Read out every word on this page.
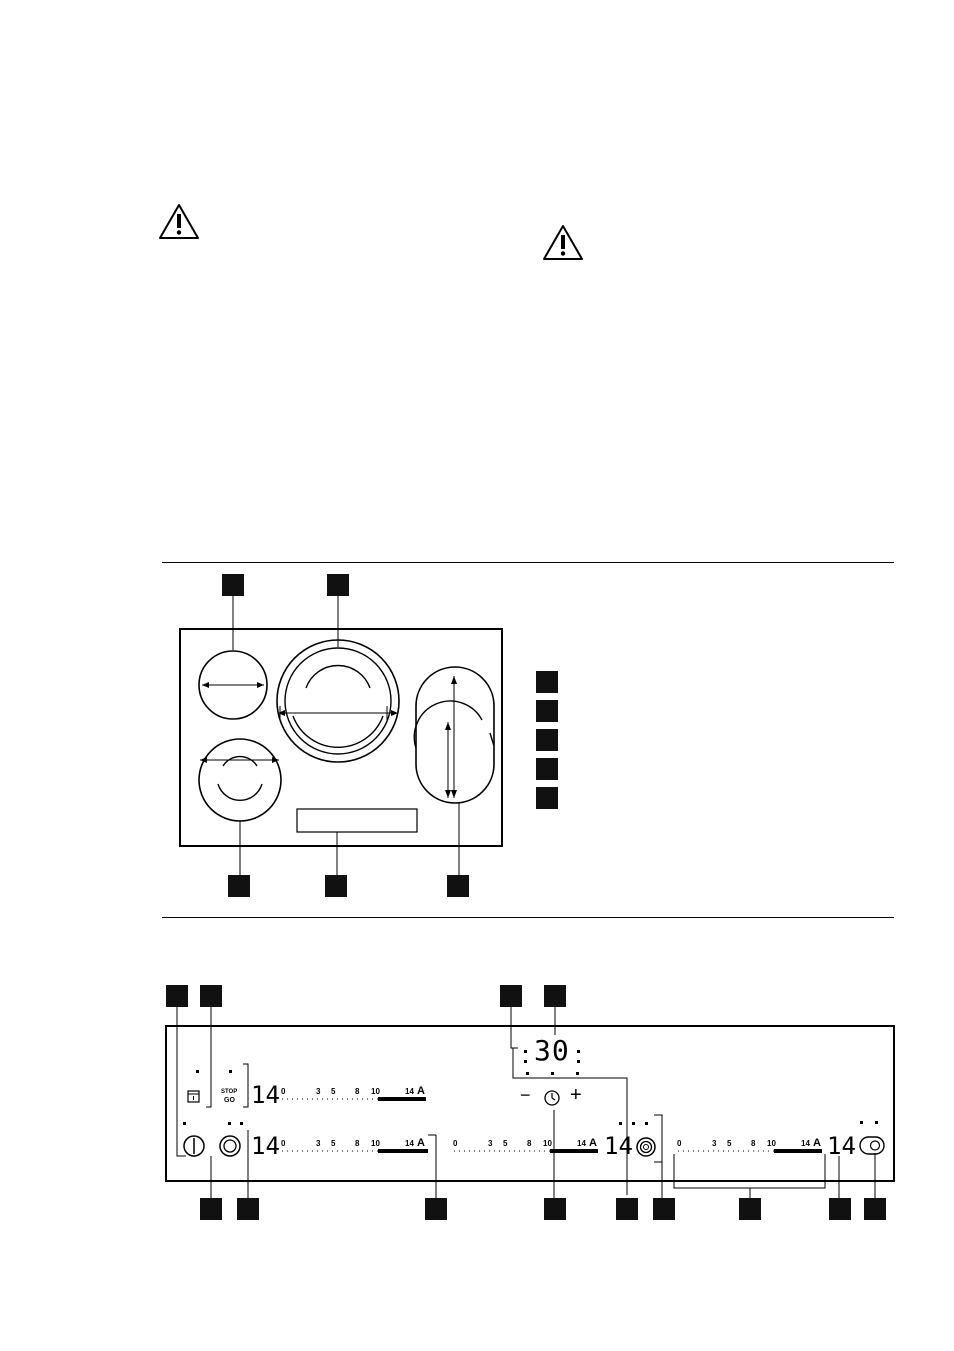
30
− +
STOP
GO 14 0	3 5 8 10	14 A
14 0	3 5 8 10	14 A	0	3 5 8 10	14 A 14	0	3 5 8 10	14 A 14
